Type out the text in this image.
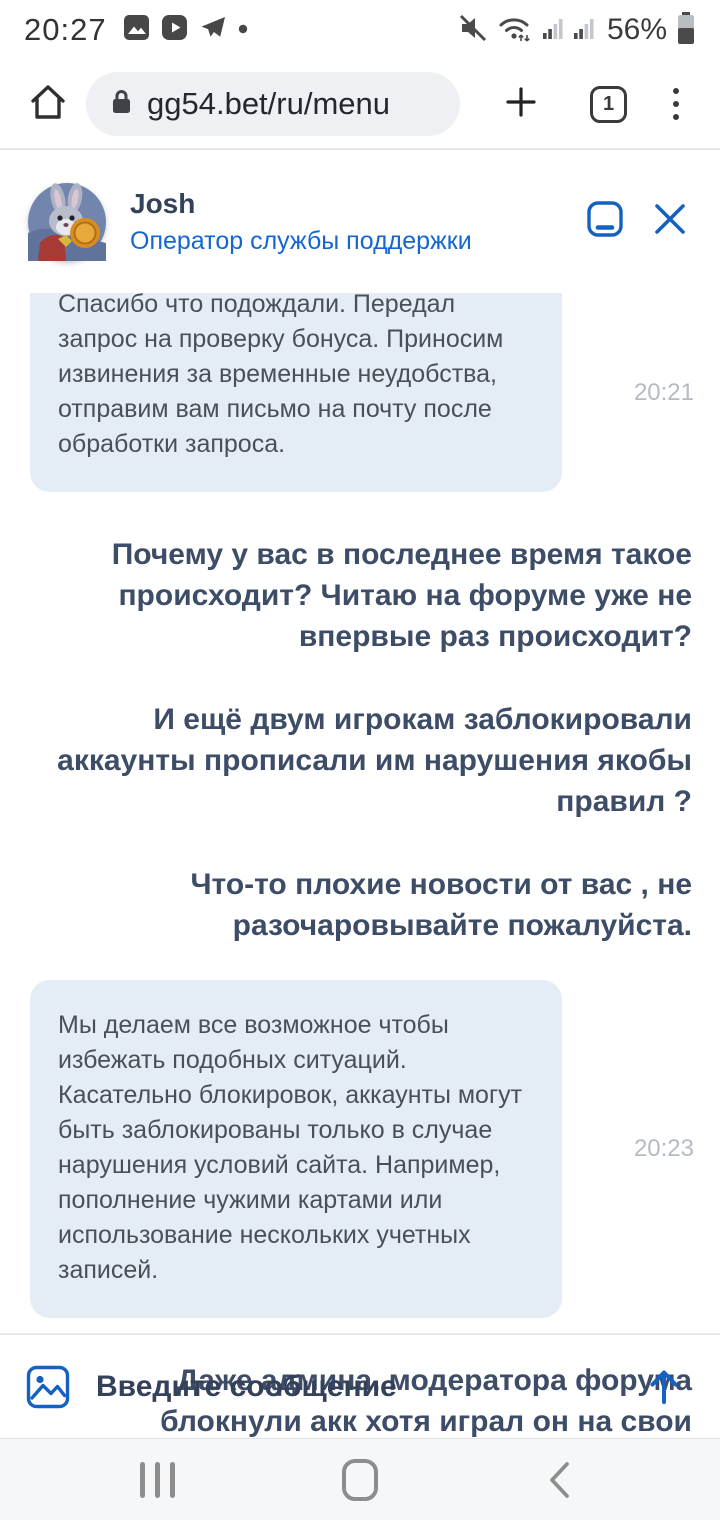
20:27	56%
gg54.bet/ru/menu	1
Josh
Оператор службы поддержки
Спасибо что подождали. Передал запрос на проверку бонуса. Приносим извинения за временные неудобства, отправим вам письмо на почту после обработки запроса.
20:21
Почему у вас в последнее время такое происходит? Читаю на форуме уже не впервые раз происходит?
И ещё двум игрокам заблокировали аккаунты прописали им нарушения якобы правил ?
Что-то плохие новости от вас , не разочаровывайте пожалуйста.
Мы делаем все возможное чтобы избежать подобных ситуаций. Касательно блокировок, аккаунты могут быть заблокированы только в случае нарушения условий сайта. Например, пополнение чужими картами или использование нескольких учетных записей.
20:23
Даже админа, модератора форума блокнули акк хотя играл он на свои
Введите сообщение
